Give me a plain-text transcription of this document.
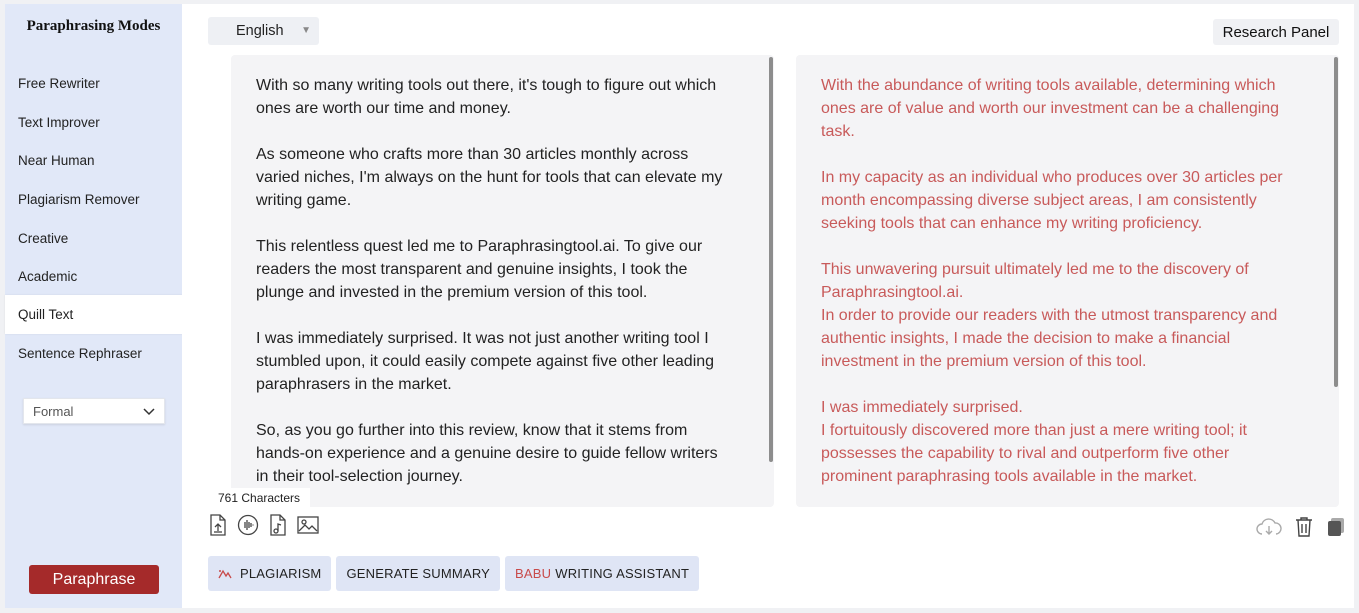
Paraphrasing Modes
Free Rewriter
Text Improver
Near Human
Plagiarism Remover
Creative
Academic
Quill Text
Sentence Rephraser
Formal
Paraphrase
English ▼	Research Panel

With so many writing tools out there, it's tough to figure out which ones are worth our time and money.

As someone who crafts more than 30 articles monthly across varied niches, I'm always on the hunt for tools that can elevate my writing game.

This relentless quest led me to Paraphrasingtool.ai. To give our readers the most transparent and genuine insights, I took the plunge and invested in the premium version of this tool.

I was immediately surprised. It was not just another writing tool I stumbled upon, it could easily compete against five other leading paraphrasers in the market.

So, as you go further into this review, know that it stems from hands-on experience and a genuine desire to guide fellow writers in their tool-selection journey.

With the abundance of writing tools available, determining which ones are of value and worth our investment can be a challenging task.

In my capacity as an individual who produces over 30 articles per month encompassing diverse subject areas, I am consistently seeking tools that can enhance my writing proficiency.

This unwavering pursuit ultimately led me to the discovery of Paraphrasingtool.ai.

In order to provide our readers with the utmost transparency and authentic insights, I made the decision to make a financial investment in the premium version of this tool.

I was immediately surprised.

I fortuitously discovered more than just a mere writing tool; it possesses the capability to rival and outperform five other prominent paraphrasing tools available in the market.

761 Characters
PLAGIARISM	GENERATE SUMMARY	BABU WRITING ASSISTANT
